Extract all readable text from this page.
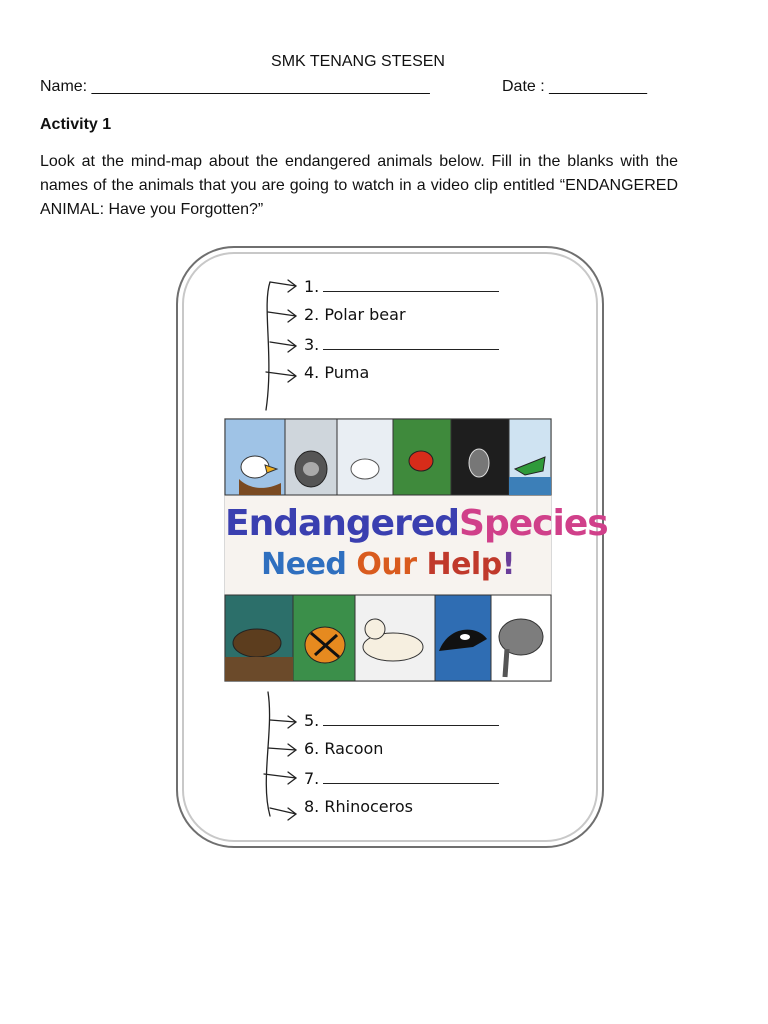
SMK TENANG STESEN
Name: ______________________________________	Date : ___________
Activity 1
Look at the mind-map about the endangered animals below. Fill in the blanks with the names of the animals that you are going to watch in a video clip entitled “ENDANGERED ANIMAL: Have you Forgotten?”
1.
2. Polar bear
3.
4. Puma
5.
6. Racoon
7.
8. Rhinoceros
EndangeredSpecies
Need Our Help!
